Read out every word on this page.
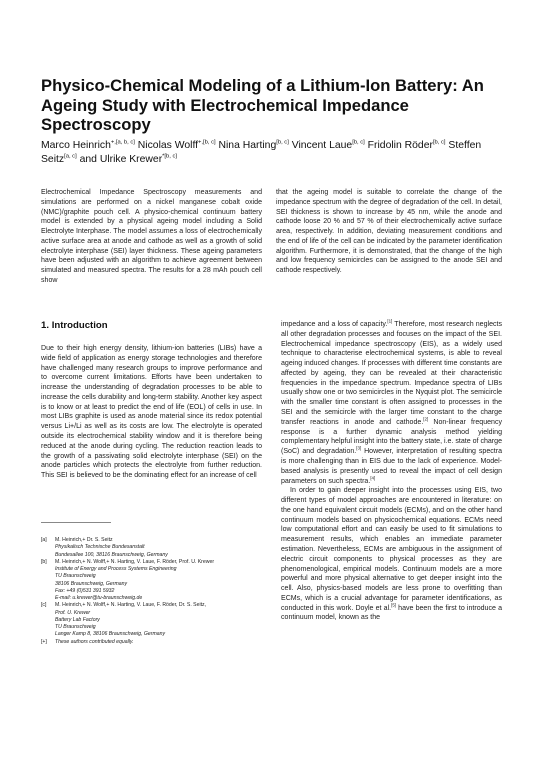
Physico-Chemical Modeling of a Lithium-Ion Battery: An Ageing Study with Electrochemical Impedance Spectroscopy
Marco Heinrich$^{+,[a, b, c]}$ Nicolas Wolff$^{+,[b, c]}$ Nina Harting[b, c] Vincent Laue[b, c] Fridolin Röder[b, c] Steffen Seitz[a, c] and Ulrike Krewer$^{*[b, c]}$

Electrochemical Impedance Spectroscopy measurements and simulations are performed on a nickel manganese cobalt oxide (NMC)/graphite pouch cell. A physico-chemical continuum battery model is extended by a physical ageing model including a Solid Electrolyte Interphase. The model assumes a loss of electrochemically active surface area at anode and cathode as well as a growth of solid electrolyte interphase (SEI) layer thickness. These ageing parameters have been adjusted with an algorithm to achieve agreement between simulated and measured spectra. The results for a 28 mAh pouch cell show

that the ageing model is suitable to correlate the change of the impedance spectrum with the degree of degradation of the cell. In detail, SEI thickness is shown to increase by 45 nm, while the anode and cathode loose 20 % and 57 % of their electrochemically active surface area, respectively. In addition, deviating measurement conditions and the end of life of the cell can be indicated by the parameter identification algorithm. Furthermore, it is demonstrated, that the change of the high and low frequency semicircles can be assigned to the anode SEI and cathode respectively.

1. Introduction

Due to their high energy density, lithium-ion batteries (LIBs) have a wide field of application as energy storage technologies and therefore have challenged many research groups to improve performance and to overcome current limitations. Efforts have been undertaken to increase the understanding of degradation processes to be able to increase the cells durability and long-term stability. Another key aspect is to know or at least to predict the end of life (EOL) of cells in use. In most LIBs graphite is used as anode material since its redox potential versus Li+/Li as well as its costs are low. The electrolyte is operated outside its electrochemical stability window and it is therefore being reduced at the anode during cycling. The reduction reaction leads to the growth of a passivating solid electrolyte interphase (SEI) on the anode particles which protects the electrolyte from further reduction. This SEI is believed to be the dominating effect for an increase of cell

impedance and a loss of capacity.[1] Therefore, most research neglects all other degradation processes and focuses on the impact of the SEI. Electrochemical impedance spectroscopy (EIS), as a widely used technique to characterise electrochemical systems, is able to reveal ageing induced changes. If processes with different time constants are affected by ageing, they can be revealed at their characteristic frequencies in the impedance spectrum. Impedance spectra of LIBs usually show one or two semicircles in the Nyquist plot. The semicircle with the smaller time constant is often assigned to processes in the SEI and the semicircle with the larger time constant to the charge transfer reactions in anode and cathode.[2] Non-linear frequency response is a further dynamic analysis method yielding complementary helpful insight into the battery state, i.e. state of charge (SoC) and degradation.[3] However, interpretation of resulting spectra is more challenging than in EIS due to the lack of experience. Model-based analysis is presently used to reveal the impact of cell design parameters on such spectra.[4]

In order to gain deeper insight into the processes using EIS, two different types of model approaches are encountered in literature: on the one hand equivalent circuit models (ECMs), and on the other hand continuum models based on physicochemical equations. ECMs need low computational effort and can easily be used to fit simulations to measurement results, which enables an immediate parameter estimation. Nevertheless, ECMs are ambiguous in the assignment of electric circuit components to physical processes as they are phenomenological, empirical models. Continuum models are a more powerful and more physical alternative to get deeper insight into the cell. Also, physics-based models are less prone to overfitting than ECMs, which is a crucial advantage for parameter identifications, as conducted in this work. Doyle et al.[5] have been the first to introduce a continuum model, known as the

[a]	M. Heinrich,+ Dr. S. Seitz
Physikalisch Technische Bundesanstalt
Bundesallee 100, 38116 Braunschweig, Germany
[b]	M. Heinrich,+ N. Wolff,+ N. Harting, V. Laue, F. Röder, Prof. U. Krewer
Institute of Energy and Process Systems Engineering
TU Braunschweig
38106 Braunschweig, Germany
Fax: +49 (0)531 391 5932
E-mail: u.krewer@tu-braunschweig.de
[c]	M. Heinrich,+ N. Wolff,+ N. Harting, V. Laue, F. Röder, Dr. S. Seitz,
Prof. U. Krewer
Battery Lab Factory
TU Braunschweig
Langer Kamp 8, 38106 Braunschweig, Germany
[+]	These authors contributed equally.
